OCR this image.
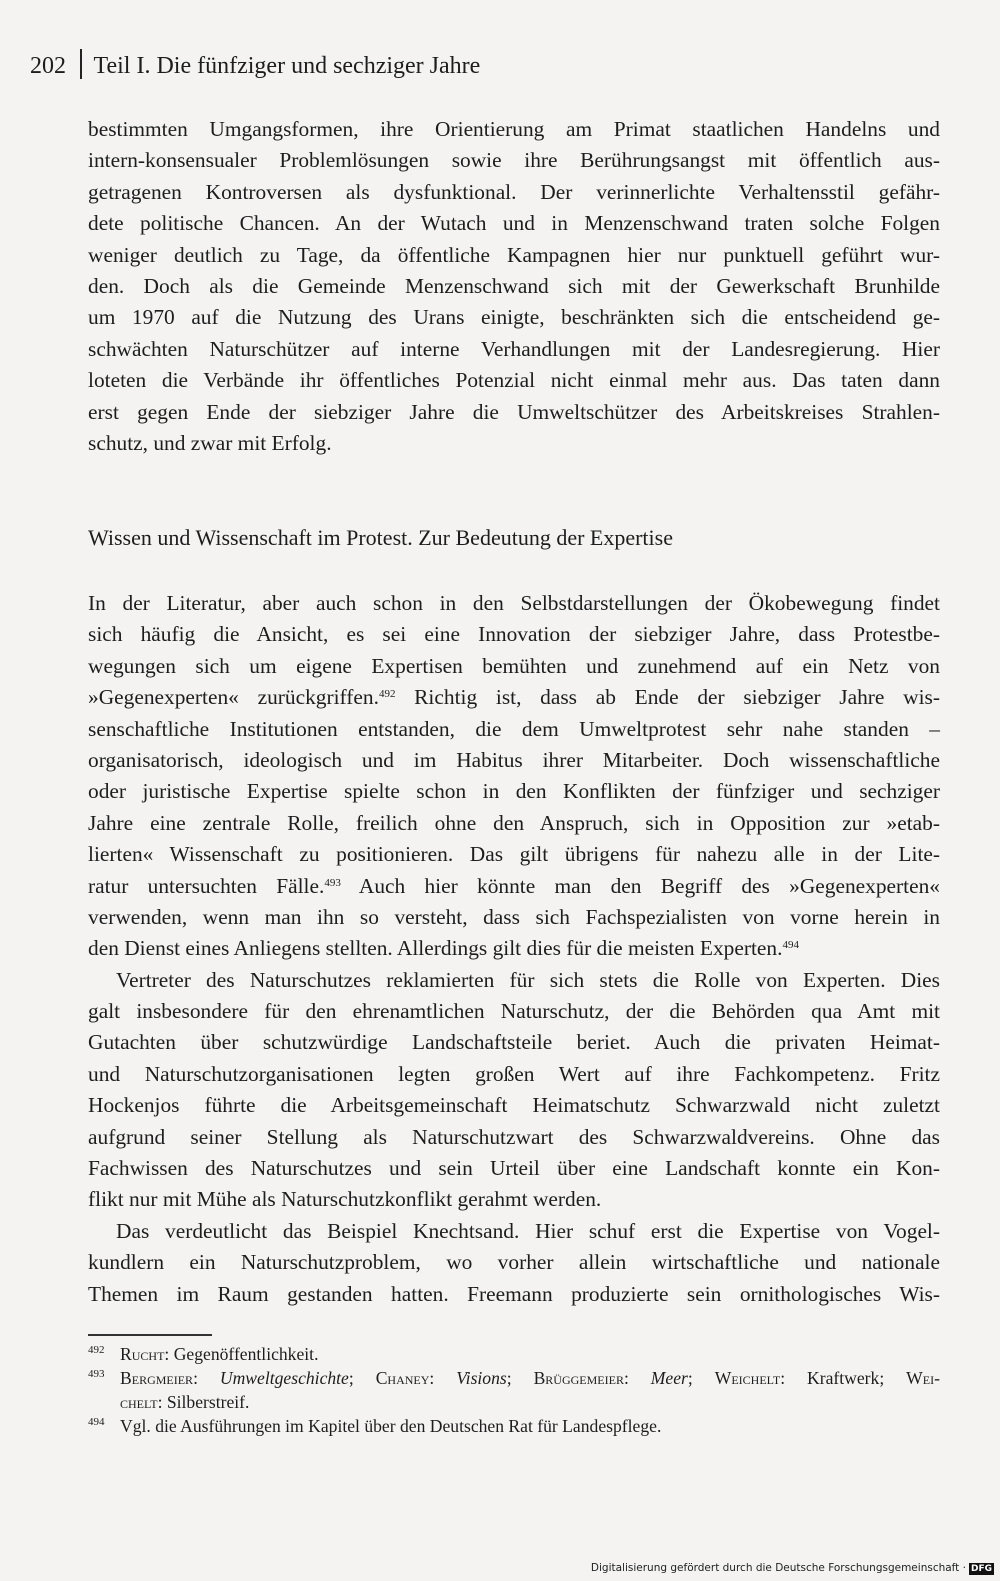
202 Teil I. Die fünfziger und sechziger Jahre
bestimmten Umgangsformen, ihre Orientierung am Primat staatlichen Handelns und
intern-konsensualer Problemlösungen sowie ihre Berührungsangst mit öffentlich aus-
getragenen Kontroversen als dysfunktional. Der verinnerlichte Verhaltensstil gefähr-
dete politische Chancen. An der Wutach und in Menzenschwand traten solche Folgen
weniger deutlich zu Tage, da öffentliche Kampagnen hier nur punktuell geführt wur-
den. Doch als die Gemeinde Menzenschwand sich mit der Gewerkschaft Brunhilde
um 1970 auf die Nutzung des Urans einigte, beschränkten sich die entscheidend ge-
schwächten Naturschützer auf interne Verhandlungen mit der Landesregierung. Hier
loteten die Verbände ihr öffentliches Potenzial nicht einmal mehr aus. Das taten dann
erst gegen Ende der siebziger Jahre die Umweltschützer des Arbeitskreises Strahlen-
schutz, und zwar mit Erfolg.
Wissen und Wissenschaft im Protest. Zur Bedeutung der Expertise
In der Literatur, aber auch schon in den Selbstdarstellungen der Ökobewegung findet
sich häufig die Ansicht, es sei eine Innovation der siebziger Jahre, dass Protestbe-
wegungen sich um eigene Expertisen bemühten und zunehmend auf ein Netz von
»Gegenexperten« zurückgriffen.$^{492}$ Richtig ist, dass ab Ende der siebziger Jahre wis-
senschaftliche Institutionen entstanden, die dem Umweltprotest sehr nahe standen –
organisatorisch, ideologisch und im Habitus ihrer Mitarbeiter. Doch wissenschaftliche
oder juristische Expertise spielte schon in den Konflikten der fünfziger und sechziger
Jahre eine zentrale Rolle, freilich ohne den Anspruch, sich in Opposition zur »etab-
lierten« Wissenschaft zu positionieren. Das gilt übrigens für nahezu alle in der Lite-
ratur untersuchten Fälle.$^{493}$ Auch hier könnte man den Begriff des »Gegenexperten«
verwenden, wenn man ihn so versteht, dass sich Fachspezialisten von vorne herein in
den Dienst eines Anliegens stellten. Allerdings gilt dies für die meisten Experten.$^{494}$
Vertreter des Naturschutzes reklamierten für sich stets die Rolle von Experten. Dies
galt insbesondere für den ehrenamtlichen Naturschutz, der die Behörden qua Amt mit
Gutachten über schutzwürdige Landschaftsteile beriet. Auch die privaten Heimat-
und Naturschutzorganisationen legten großen Wert auf ihre Fachkompetenz. Fritz
Hockenjos führte die Arbeitsgemeinschaft Heimatschutz Schwarzwald nicht zuletzt
aufgrund seiner Stellung als Naturschutzwart des Schwarzwaldvereins. Ohne das
Fachwissen des Naturschutzes und sein Urteil über eine Landschaft konnte ein Kon-
flikt nur mit Mühe als Naturschutzkonflikt gerahmt werden.
Das verdeutlicht das Beispiel Knechtsand. Hier schuf erst die Expertise von Vogel-
kundlern ein Naturschutzproblem, wo vorher allein wirtschaftliche und nationale
Themen im Raum gestanden hatten. Freemann produzierte sein ornithologisches Wis-
492 Rucht: Gegenöffentlichkeit.
493 Bergmeier: Umweltgeschichte; Chaney: Visions; Brüggemeier: Meer; Weichelt: Kraftwerk; Wei-
chelt: Silberstreif.
494 Vgl. die Ausführungen im Kapitel über den Deutschen Rat für Landespflege.
Digitalisierung gefördert durch die Deutsche Forschungsgemeinschaft · DFG
